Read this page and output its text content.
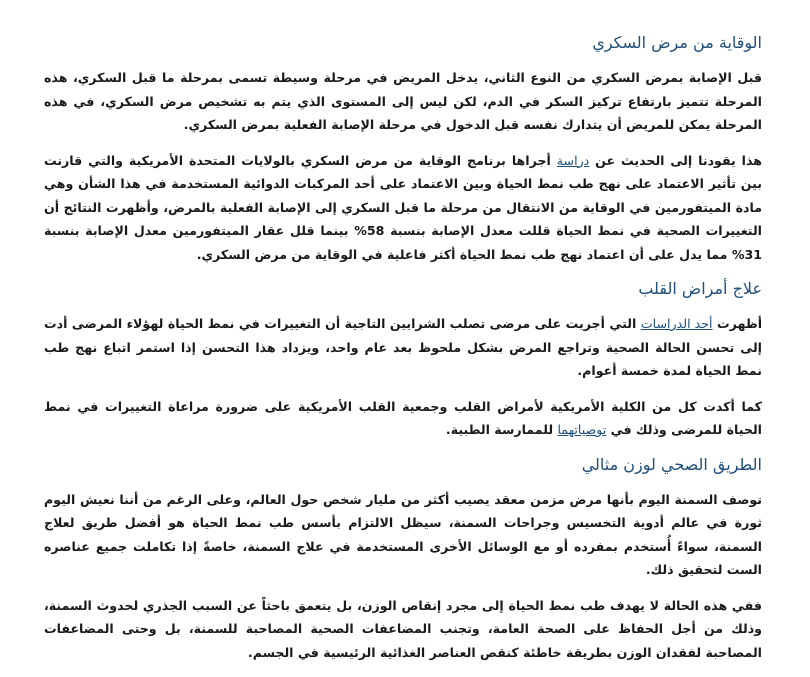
الوقاية من مرض السكري

قبل الإصابة بمرض السكري من النوع الثاني، يدخل المريض في مرحلة وسيطة تسمى بمرحلة ما قبل السكري، هذه المرحلة تتميز بارتفاع تركيز السكر في الدم، لكن ليس إلى المستوى الذي يتم به تشخيص مرض السكري، في هذه المرحلة يمكن للمريض أن يتدارك نفسه قبل الدخول في مرحلة الإصابة الفعلية بمرض السكري.

هذا يقودنا إلى الحديث عن دراسة أجراها برنامج الوقاية من مرض السكري بالولايات المتحدة الأمريكية والتي قارنت بين تأثير الاعتماد على نهج طب نمط الحياة وبين الاعتماد على أحد المركبات الدوائية المستخدمة في هذا الشأن وهي مادة الميتفورمين في الوقاية من الانتقال من مرحلة ما قبل السكري إلى الإصابة الفعلية بالمرض، وأظهرت النتائج أن التغييرات الصحية في نمط الحياة قللت معدل الإصابة بنسبة 58% بينما قلل عقار الميتفورمين معدل الإصابة بنسبة 31% مما يدل على أن اعتماد نهج طب نمط الحياة أكثر فاعلية في الوقاية من مرض السكري.

علاج أمراض القلب

أظهرت أحد الدراسات التي أجريت على مرضى تصلب الشرايين التاجية أن التغييرات في نمط الحياة لهؤلاء المرضى أدت إلى تحسن الحالة الصحية وتراجع المرض بشكل ملحوظ بعد عام واحد، ويزداد هذا التحسن إذا استمر اتباع نهج طب نمط الحياة لمدة خمسة أعوام.

كما أكدت كل من الكلية الأمريكية لأمراض القلب وجمعية القلب الأمريكية على ضرورة مراعاة التغييرات في نمط الحياة للمرضى وذلك في توصياتهما للممارسة الطبية.

الطريق الصحي لوزن مثالي

توصف السمنة اليوم بأنها مرض مزمن معقد يصيب أكثر من مليار شخص حول العالم، وعلى الرغم من أننا نعيش اليوم ثورة في عالم أدوية التخسيس وجراحات السمنة، سيظل الالتزام بأسس طب نمط الحياة هو أفضل طريق لعلاج السمنة، سواءً أُستخدم بمفرده أو مع الوسائل الأخرى المستخدمة في علاج السمنة، خاصةً إذا تكاملت جميع عناصره الست لتحقيق ذلك.

ففي هذه الحالة لا يهدف طب نمط الحياة إلى مجرد إنقاص الوزن، بل يتعمق باحثاً عن السبب الجذري لحدوث السمنة، وذلك من أجل الحفاظ على الصحة العامة، وتجنب المضاعفات الصحية المصاحبة للسمنة، بل وحتى المضاعفات المصاحبة لفقدان الوزن بطريقة خاطئة كنقص العناصر الغذائية الرئيسية في الجسم.
